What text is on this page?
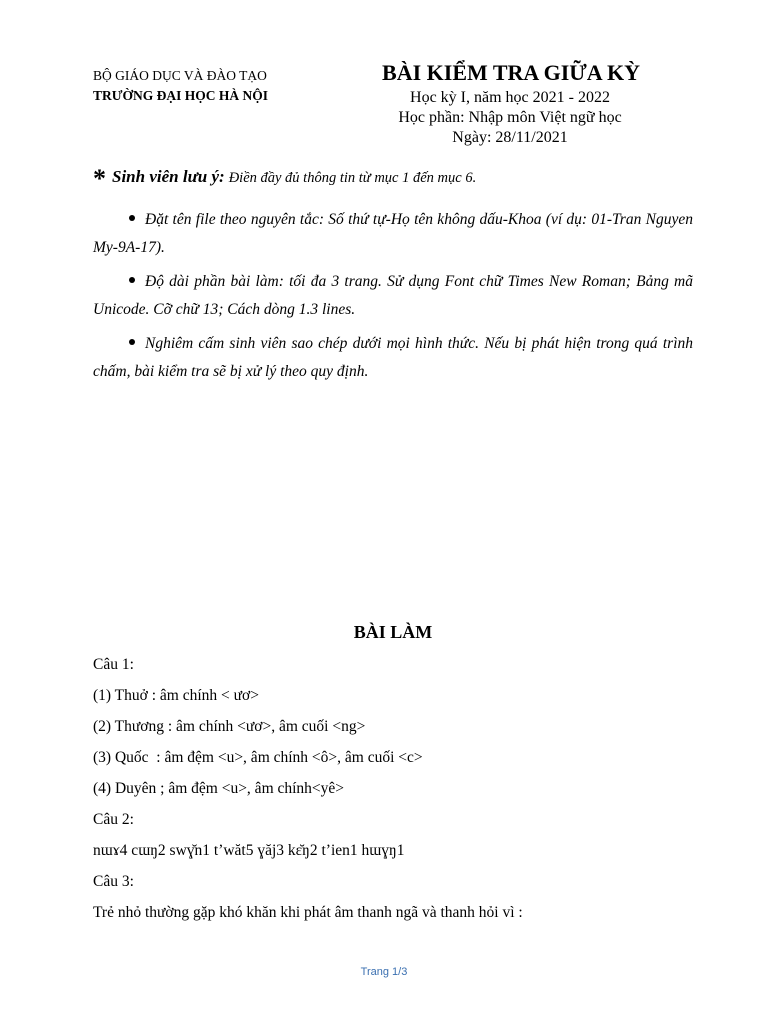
BỘ GIÁO DỤC VÀ ĐÀO TẠO
TRƯỜNG ĐẠI HỌC HÀ NỘI
BÀI KIỂM TRA GIỮA KỲ
Học kỳ I, năm học 2021 - 2022
Học phần: Nhập môn Việt ngữ học
Ngày: 28/11/2021
* Sinh viên lưu ý: Điền đầy đủ thông tin từ mục 1 đến mục 6.
Đặt tên file theo nguyên tắc: Số thứ tự-Họ tên không dấu-Khoa (ví dụ: 01-Tran Nguyen My-9A-17).
Độ dài phần bài làm: tối đa 3 trang. Sử dụng Font chữ Times New Roman; Bảng mã Unicode. Cỡ chữ 13; Cách dòng 1.3 lines.
Nghiêm cấm sinh viên sao chép dưới mọi hình thức. Nếu bị phát hiện trong quá trình chấm, bài kiểm tra sẽ bị xử lý theo quy định.
BÀI LÀM
Câu 1:
(1) Thuở : âm chính < ươ>
(2) Thương : âm chính <ươ>, âm cuối <ng>
(3) Quốc  : âm đệm <u>, âm chính <ô>, âm cuối <c>
(4) Duyên ; âm đệm <u>, âm chính<yê>
Câu 2:
nɯɤ4 cɯŋ2 swɣ̆n1 tʼwăt5 ɣăj3 kɛ̆ŋ2 tʼien1 hɯɣŋ1
Câu 3:
Trẻ nhỏ thường gặp khó khăn khi phát âm thanh ngã và thanh hỏi vì :
Trang 1/3
